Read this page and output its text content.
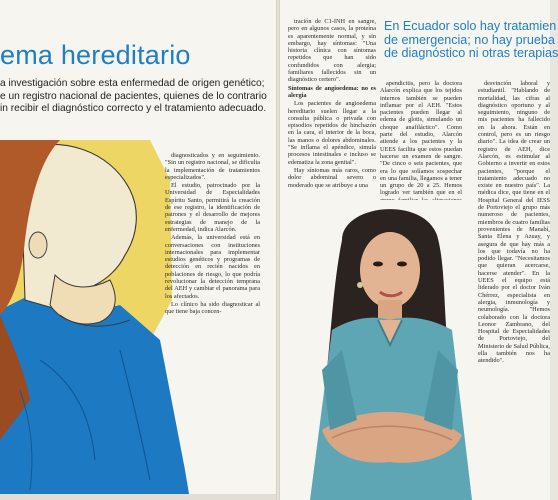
ema hereditario
a investigación sobre esta enfermedad de origen genético;
e un registro nacional de pacientes, quienes de lo contrario
in recibir el diagnóstico correcto y el tratamiento adecuado.

diagnosticados y en seguimiento. "Sin un registro nacional, se dificulta la implementación de tratamientos especializados".

El estudio, patrocinado por la Universidad de Especialidades Espíritu Santo, permitirá la creación de ese registro, la identificación de patrones y el desarrollo de mejores estrategias de manejo de la enfermedad, indica Alarcón.

Además, la universidad está en conversaciones con instituciones internacionales para implementar estudios genéticos y programas de detección en recién nacidos en poblaciones de riesgo, lo que podría revolucionar la detección temprana del AEH y cambiar el panorama para los afectados.

Lo clínico ha sido diagnosticar al que tiene baja concen-

En Ecuador solo hay tratamien
de emergencia; no hay prueba
de diagnóstico ni otras terapias

tración de C1-INH en sangre, pero en algunos casos, la proteína es aparentemente normal, y sin embargo, hay síntomas: "Una historia clínica con síntomas repetidos que han sido confundidos con alergia; familiares fallecidos sin un diagnóstico certero".

Síntomas de angioedema: no es alergia

Los pacientes de angioedema hereditario suelen llegar a la consulta pública o privada con episodios repetidos de hinchazón en la cara, el interior de la boca, las manos o dolores abdominales. "Se inflama el apéndice, simula procesos intestinales e incluso se edematiza la zona genital".

Hay síntomas más raros, como dolor abdominal severo o moderado que se atribuye a una

apendicitis, pero la doctora Alarcón explica que los tejidos internos también se pueden inflamar por el AEH. "Estos pacientes pueden llegar al edema de glotis, simulando un choque anafiláctico". Como parte del estudio, Alarcón atiende a los pacientes y la UEES facilita que estos puedan hacerse un examen de sangre. "De cinco o seis pacientes, que era lo que solíamos sospechar en una familia, llegamos a tener un grupo de 20 a 25. Hemos logrado ver también que en el

desvinción laboral y estudiantil. "Hablando de mortalidad, las cifras al diagnóstico oportuno y al seguimiento, ninguno de mis pacientes ha fallecido en la ahora. Están en control, pero es un riesgo diario". La idea de crear un registro de AEH, dice Alarcón, es estimular al Gobierno a invertir en estos pacientes, "porque el tratamiento adecuado no existe en nuestro país". La médica dice, que tiene en el Hospital General del IESS de Portoviejo el grupo más numeroso de pacientes, miembros de cuatro familias provenientes de Manabí, Santa Elena y Azuay, y asegura de que hay más a los que todavía no ha podido llegar. "Necesitamos que quieran acercarse, hacerse atender". En la UEES el equipo está liderado por el doctor Iván Chérrez, especialista en alergia, inmunología y neumología. "Hemos colaborado con la doctora Leonor Zambrano, del Hospital de Especialidades de Portoviejo, del Ministerio de Salud Pública, ella también nos ha atendido".
